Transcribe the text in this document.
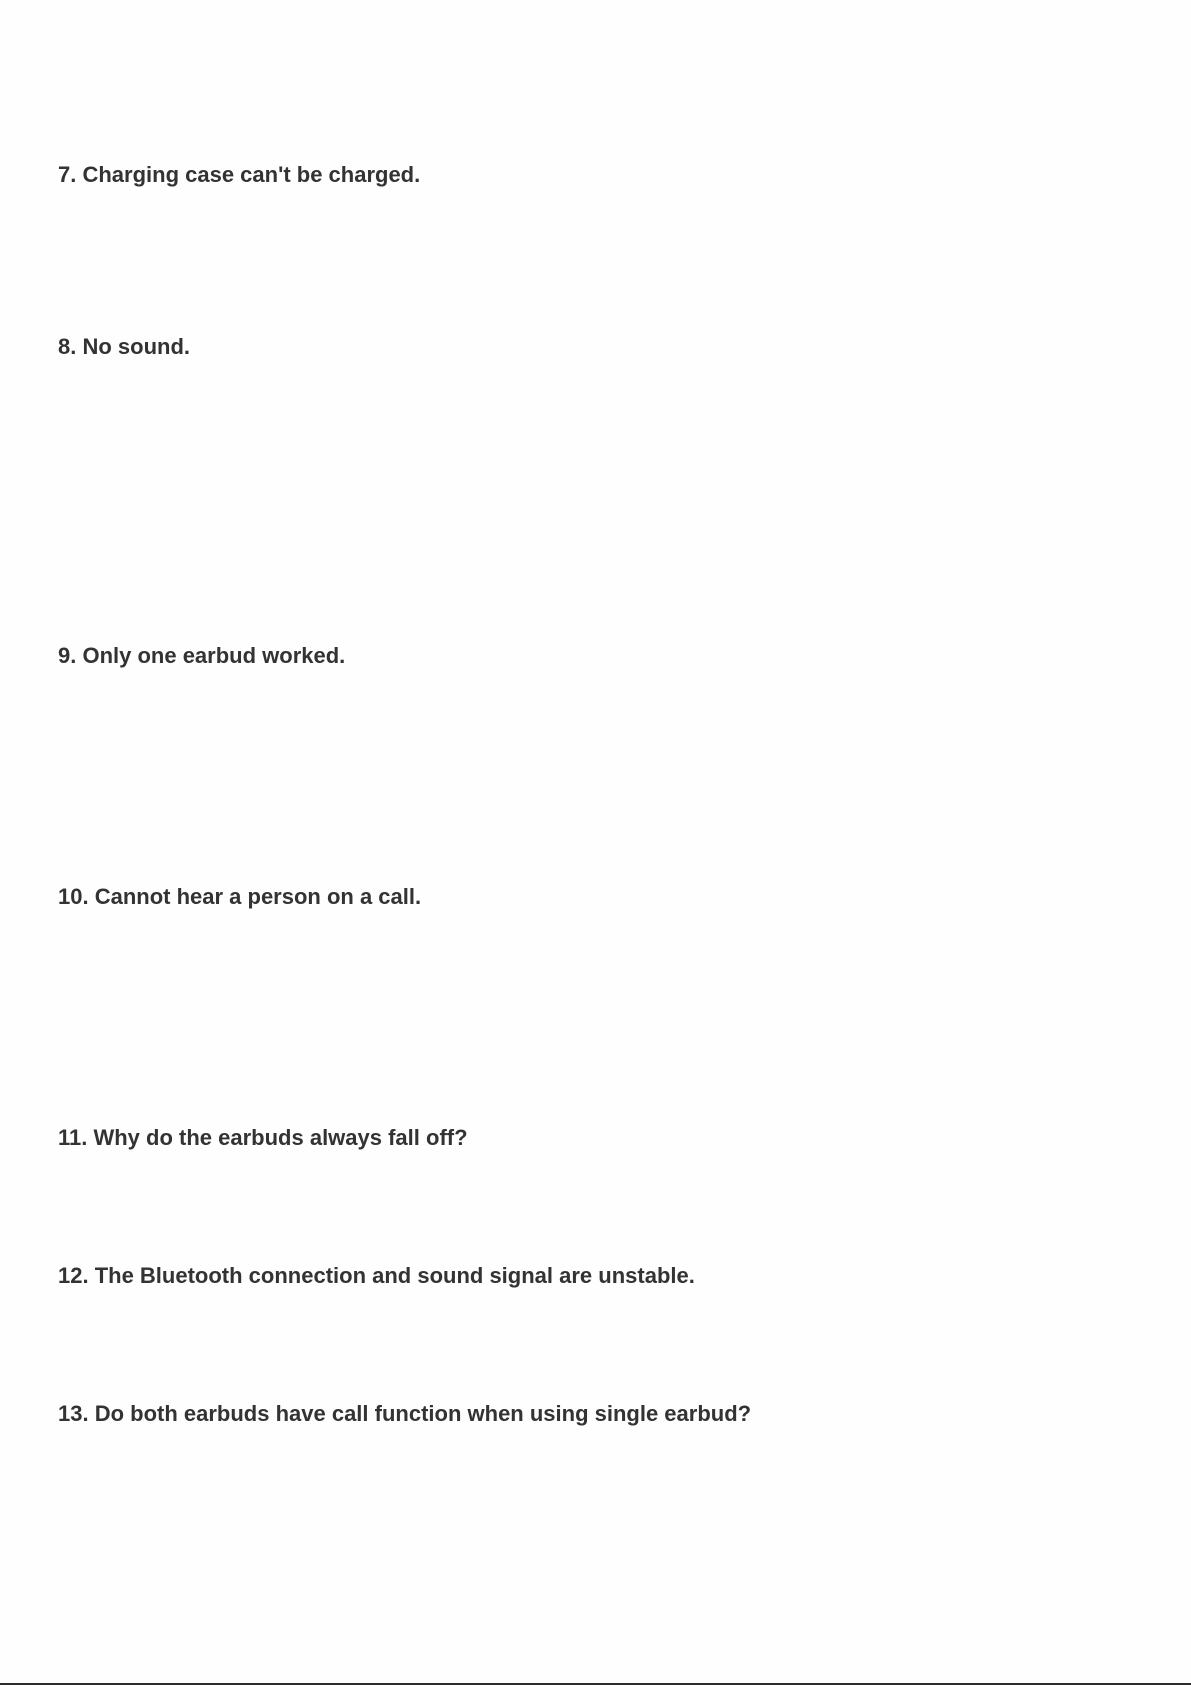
7. Charging case can't be charged.
8. No sound.
9. Only one earbud worked.
10. Cannot hear a person on a call.
11. Why do the earbuds always fall off?
12. The Bluetooth connection and sound signal are unstable.
13. Do both earbuds have call function when using single earbud?
